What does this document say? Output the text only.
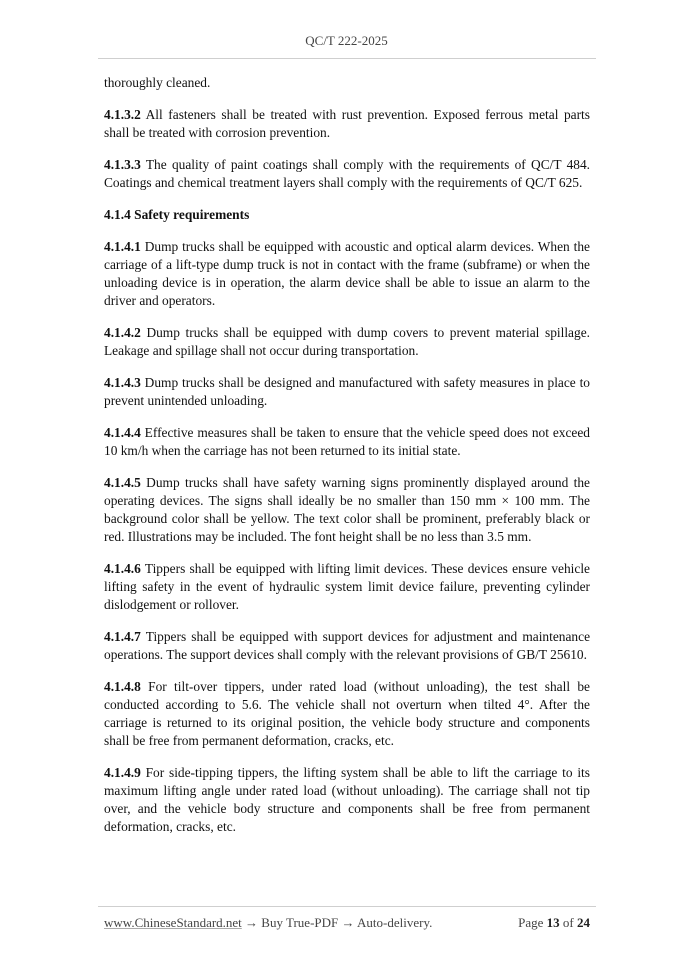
QC/T 222-2025

thoroughly cleaned.

4.1.3.2 All fasteners shall be treated with rust prevention. Exposed ferrous metal parts shall be treated with corrosion prevention.

4.1.3.3 The quality of paint coatings shall comply with the requirements of QC/T 484. Coatings and chemical treatment layers shall comply with the requirements of QC/T 625.

4.1.4 Safety requirements

4.1.4.1 Dump trucks shall be equipped with acoustic and optical alarm devices. When the carriage of a lift-type dump truck is not in contact with the frame (subframe) or when the unloading device is in operation, the alarm device shall be able to issue an alarm to the driver and operators.

4.1.4.2 Dump trucks shall be equipped with dump covers to prevent material spillage. Leakage and spillage shall not occur during transportation.

4.1.4.3 Dump trucks shall be designed and manufactured with safety measures in place to prevent unintended unloading.

4.1.4.4 Effective measures shall be taken to ensure that the vehicle speed does not exceed 10 km/h when the carriage has not been returned to its initial state.

4.1.4.5 Dump trucks shall have safety warning signs prominently displayed around the operating devices. The signs shall ideally be no smaller than 150 mm × 100 mm. The background color shall be yellow. The text color shall be prominent, preferably black or red. Illustrations may be included. The font height shall be no less than 3.5 mm.

4.1.4.6 Tippers shall be equipped with lifting limit devices. These devices ensure vehicle lifting safety in the event of hydraulic system limit device failure, preventing cylinder dislodgement or rollover.

4.1.4.7 Tippers shall be equipped with support devices for adjustment and maintenance operations. The support devices shall comply with the relevant provisions of GB/T 25610.

4.1.4.8 For tilt-over tippers, under rated load (without unloading), the test shall be conducted according to 5.6. The vehicle shall not overturn when tilted 4°. After the carriage is returned to its original position, the vehicle body structure and components shall be free from permanent deformation, cracks, etc.

4.1.4.9 For side-tipping tippers, the lifting system shall be able to lift the carriage to its maximum lifting angle under rated load (without unloading). The carriage shall not tip over, and the vehicle body structure and components shall be free from permanent deformation, cracks, etc.

www.ChineseStandard.net → Buy True-PDF → Auto-delivery.	Page 13 of 24
